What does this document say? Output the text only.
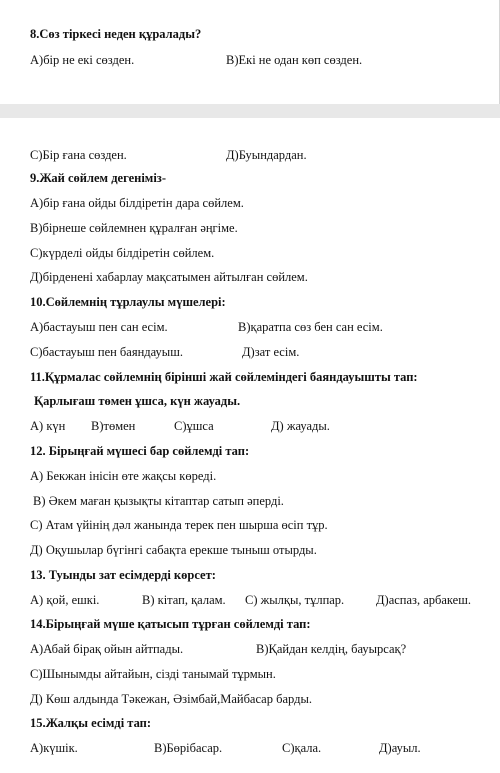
8.Сөз тіркесі неден құралады?
А)бір не екі сөзден.	В)Екі не одан көп сөзден.
С)Бір ғана сөзден.	Д)Буындардан.
9.Жай сөйлем дегеніміз-
А)бір ғана ойды білдіретін дара сөйлем.
В)бірнеше сөйлемнен құралған әңгіме.
С)күрделі ойды білдіретін сөйлем.
Д)бірденені хабарлау мақсатымен айтылған сөйлем.
10.Сөйлемнің тұрлаулы мүшелері:
А)бастауыш пен сан есім.	В)қаратпа сөз бен сан есім.
С)бастауыш пен баяндауыш.	Д)зат есім.
11.Құрмалас сөйлемнің бірінші жай сөйлеміндегі баяндауышты тап:
Қарлығаш төмен ұшса, күн жауады.
А) күн В)төмен	С)ұшса	Д) жауады.
12. Бірыңғай мүшесі бар сөйлемді тап:
А) Бекжан інісін өте жақсы көреді.
В) Әкем маған қызықты кітаптар сатып әперді.
С) Атам үйінің дәл жанында терек пен шырша өсіп тұр.
Д) Оқушылар бүгінгі сабақта ерекше тыныш отырды.
13. Туынды зат есімдерді көрсет:
А) қой, ешкі.	В) кітап, қалам. С) жылқы, тұлпар.	Д)аспаз, арбакеш.
14.Бірыңғай мүше қатысып тұрған сөйлемді тап:
А)Абай бірақ ойын айтпады.	В)Қайдан келдің, бауырсақ?
С)Шынымды айтайын, сізді танымай тұрмын.
Д) Көш алдында Тәкежан, Әзімбай,Майбасар барды.
15.Жалқы есімді тап:
А)күшік.	В)Бөрібасар.	С)қала.	Д)ауыл.
